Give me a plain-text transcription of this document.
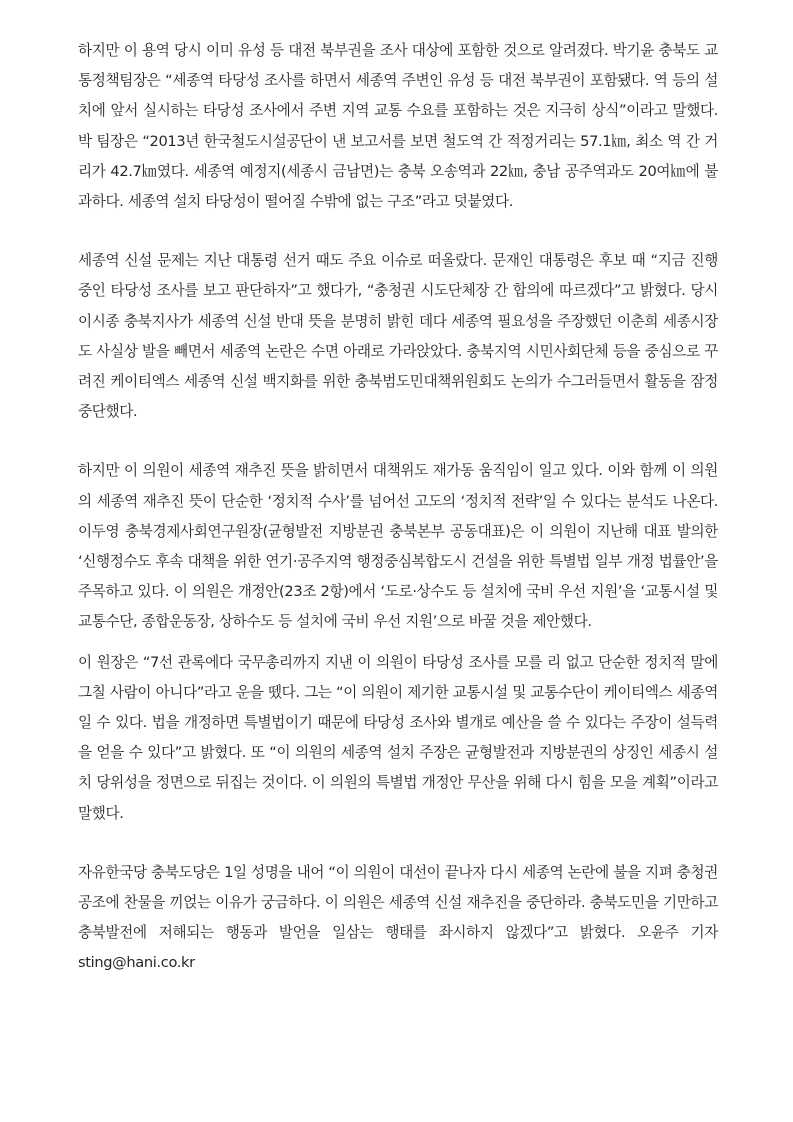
하지만 이 용역 당시 이미 유성 등 대전 북부권을 조사 대상에 포함한 것으로 알려졌다. 박기윤 충북도 교통정책팀장은 “세종역 타당성 조사를 하면서 세종역 주변인 유성 등 대전 북부권이 포함됐다. 역 등의 설치에 앞서 실시하는 타당성 조사에서 주변 지역 교통 수요를 포함하는 것은 지극히 상식”이라고 말했다. 박 팀장은 “2013년 한국철도시설공단이 낸 보고서를 보면 철도역 간 적정거리는 57.1㎞, 최소 역 간 거리가 42.7㎞였다. 세종역 예정지(세종시 금남면)는 충북 오송역과 22㎞, 충남 공주역과도 20여㎞에 불과하다. 세종역 설치 타당성이 떨어질 수밖에 없는 구조”라고 덧붙였다.

세종역 신설 문제는 지난 대통령 선거 때도 주요 이슈로 떠올랐다. 문재인 대통령은 후보 때 “지금 진행 중인 타당성 조사를 보고 판단하자”고 했다가, “충청권 시도단체장 간 합의에 따르겠다”고 밝혔다. 당시 이시종 충북지사가 세종역 신설 반대 뜻을 분명히 밝힌 데다 세종역 필요성을 주장했던 이춘희 세종시장도 사실상 발을 빼면서 세종역 논란은 수면 아래로 가라앉았다. 충북지역 시민사회단체 등을 중심으로 꾸려진 케이티엑스 세종역 신설 백지화를 위한 충북범도민대책위원회도 논의가 수그러들면서 활동을 잠정 중단했다.

하지만 이 의원이 세종역 재추진 뜻을 밝히면서 대책위도 재가동 움직임이 일고 있다. 이와 함께 이 의원의 세종역 재추진 뜻이 단순한 ‘정치적 수사’를 넘어선 고도의 ‘정치적 전략’일 수 있다는 분석도 나온다. 이두영 충북경제사회연구원장(균형발전 지방분권 충북본부 공동대표)은 이 의원이 지난해 대표 발의한 ‘신행정수도 후속 대책을 위한 연기·공주지역 행정중심복합도시 건설을 위한 특별법 일부 개정 법률안’을 주목하고 있다. 이 의원은 개정안(23조 2항)에서 ‘도로·상수도 등 설치에 국비 우선 지원’을 ‘교통시설 및 교통수단, 종합운동장, 상하수도 등 설치에 국비 우선 지원’으로 바꿀 것을 제안했다.

이 원장은 “7선 관록에다 국무총리까지 지낸 이 의원이 타당성 조사를 모를 리 없고 단순한 정치적 말에 그칠 사람이 아니다”라고 운을 뗐다. 그는 “이 의원이 제기한 교통시설 및 교통수단이 케이티엑스 세종역일 수 있다. 법을 개정하면 특별법이기 때문에 타당성 조사와 별개로 예산을 쓸 수 있다는 주장이 설득력을 얻을 수 있다”고 밝혔다. 또 “이 의원의 세종역 설치 주장은 균형발전과 지방분권의 상징인 세종시 설치 당위성을 정면으로 뒤집는 것이다. 이 의원의 특별법 개정안 무산을 위해 다시 힘을 모을 계획”이라고 말했다.

자유한국당 충북도당은 1일 성명을 내어 “이 의원이 대선이 끝나자 다시 세종역 논란에 불을 지펴 충청권 공조에 찬물을 끼얹는 이유가 궁금하다. 이 의원은 세종역 신설 재추진을 중단하라. 충북도민을 기만하고 충북발전에 저해되는 행동과 발언을 일삼는 행태를 좌시하지 않겠다”고 밝혔다. 오윤주 기자 sting@hani.co.kr
